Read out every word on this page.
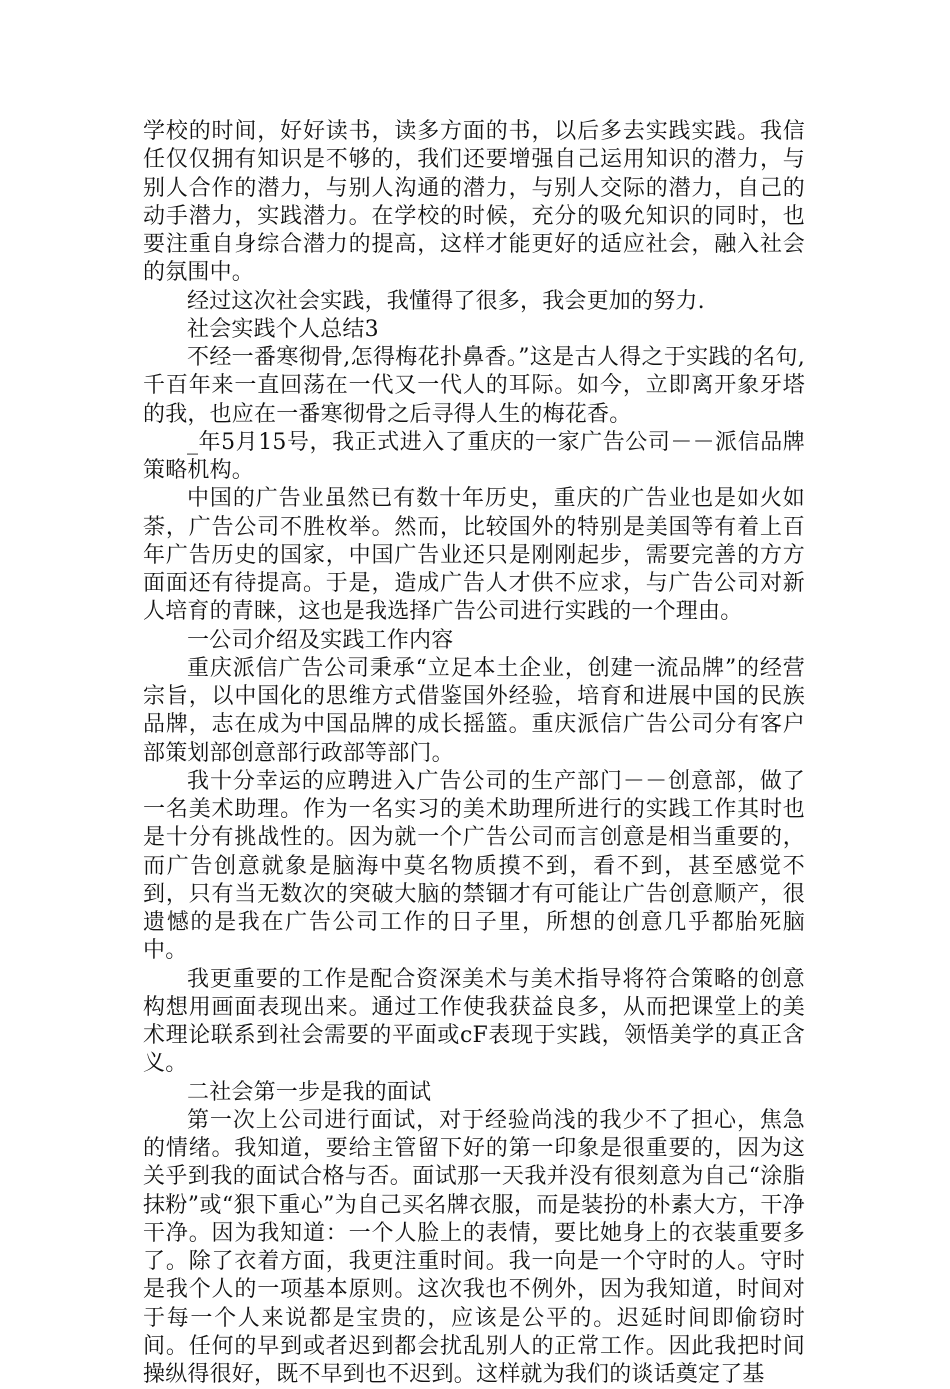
学校的时间，好好读书，读多方面的书，以后多去实践实践。我信任仅仅拥有知识是不够的，我们还要增强自己运用知识的潜力，与别人合作的潜力，与别人沟通的潜力，与别人交际的潜力，自己的动手潜力，实践潜力。在学校的时候，充分的吸允知识的同时，也要注重自身综合潜力的提高，这样才能更好的适应社会，融入社会的氛围中。

经过这次社会实践，我懂得了很多，我会更加的努力.

社会实践个人总结3

不经一番寒彻骨,怎得梅花扑鼻香。”这是古人得之于实践的名句,千百年来一直回荡在一代又一代人的耳际。如今，立即离开象牙塔的我，也应在一番寒彻骨之后寻得人生的梅花香。

_年5月15号，我正式进入了重庆的一家广告公司－－派信品牌策略机构。

中国的广告业虽然已有数十年历史，重庆的广告业也是如火如荼，广告公司不胜枚举。然而，比较国外的特别是美国等有着上百年广告历史的国家，中国广告业还只是刚刚起步，需要完善的方方面面还有待提高。于是，造成广告人才供不应求，与广告公司对新人培育的青睐，这也是我选择广告公司进行实践的一个理由。

一公司介绍及实践工作内容

重庆派信广告公司秉承“立足本土企业，创建一流品牌”的经营宗旨，以中国化的思维方式借鉴国外经验，培育和进展中国的民族品牌，志在成为中国品牌的成长摇篮。重庆派信广告公司分有客户部策划部创意部行政部等部门。

我十分幸运的应聘进入广告公司的生产部门－－创意部，做了一名美术助理。作为一名实习的美术助理所进行的实践工作其时也是十分有挑战性的。因为就一个广告公司而言创意是相当重要的，而广告创意就象是脑海中莫名物质摸不到，看不到，甚至感觉不到，只有当无数次的突破大脑的禁锢才有可能让广告创意顺产，很遗憾的是我在广告公司工作的日子里，所想的创意几乎都胎死脑中。

我更重要的工作是配合资深美术与美术指导将符合策略的创意构想用画面表现出来。通过工作使我获益良多，从而把课堂上的美术理论联系到社会需要的平面或cF表现于实践，领悟美学的真正含义。

二社会第一步是我的面试

第一次上公司进行面试，对于经验尚浅的我少不了担心，焦急的情绪。我知道，要给主管留下好的第一印象是很重要的，因为这关乎到我的面试合格与否。面试那一天我并没有很刻意为自己“涂脂抹粉”或“狠下重心”为自己买名牌衣服，而是装扮的朴素大方，干净干净。因为我知道：一个人脸上的表情，要比她身上的衣装重要多了。除了衣着方面，我更注重时间。我一向是一个守时的人。守时是我个人的一项基本原则。这次我也不例外，因为我知道，时间对于每一个人来说都是宝贵的，应该是公平的。迟延时间即偷窃时间。任何的早到或者迟到都会扰乱别人的正常工作。因此我把时间操纵得很好，既不早到也不迟到。这样就为我们的谈话奠定了基
